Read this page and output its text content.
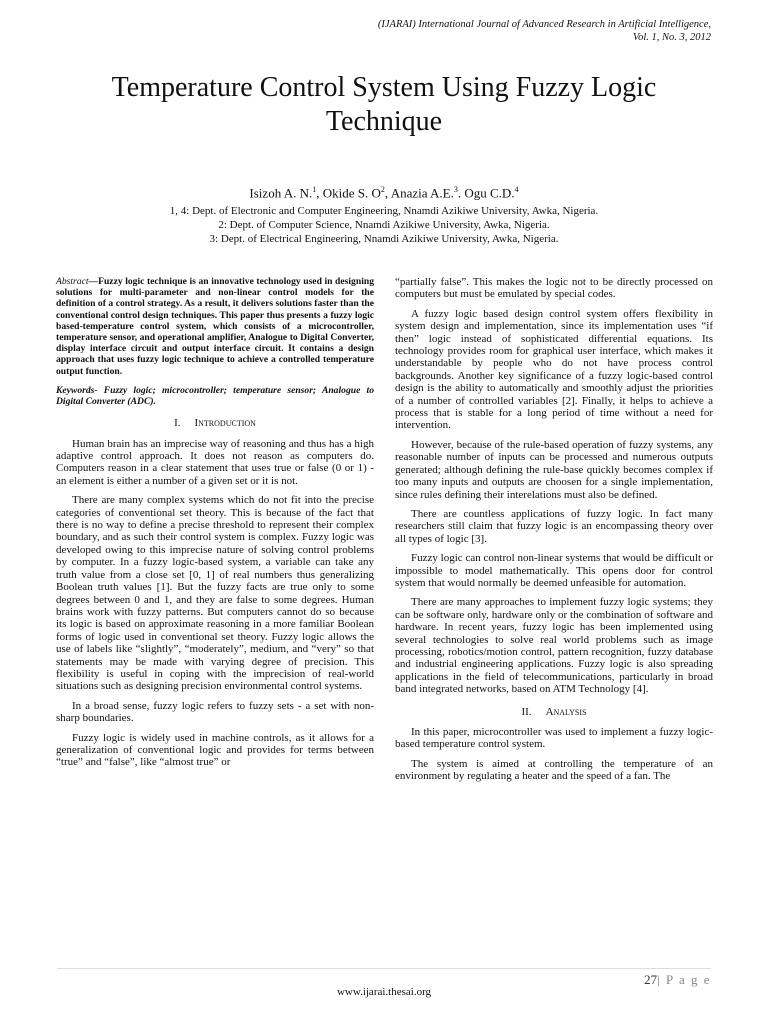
(IJARAI) International Journal of Advanced Research in Artificial Intelligence,
Vol. 1, No. 3, 2012
Temperature Control System Using Fuzzy Logic
Technique
Isizoh A. N.$^1$, Okide S. $O^2$, Anazia A.E.$^3$. Ogu C.D.$^4$
1, 4: Dept. of Electronic and Computer Engineering, Nnamdi Azikiwe University, Awka, Nigeria.
2: Dept. of Computer Science, Nnamdi Azikiwe University, Awka, Nigeria.
3: Dept. of Electrical Engineering, Nnamdi Azikiwe University, Awka, Nigeria.

Abstract—Fuzzy logic technique is an innovative technology used in designing solutions for multi-parameter and non-linear control models for the definition of a control strategy. As a result, it delivers solutions faster than the conventional control design techniques. This paper thus presents a fuzzy logic based-temperature control system, which consists of a microcontroller, temperature sensor, and operational amplifier, Analogue to Digital Converter, display interface circuit and output interface circuit. It contains a design approach that uses fuzzy logic technique to achieve a controlled temperature output function.

Keywords- Fuzzy logic; microcontroller; temperature sensor; Analogue to Digital Converter (ADC).

I. Introduction

Human brain has an imprecise way of reasoning and thus has a high adaptive control approach. It does not reason as computers do. Computers reason in a clear statement that uses true or false (0 or 1) - an element is either a number of a given set or it is not.

There are many complex systems which do not fit into the precise categories of conventional set theory. This is because of the fact that there is no way to define a precise threshold to represent their complex boundary, and as such their control system is complex. Fuzzy logic was developed owing to this imprecise nature of solving control problems by computer. In a fuzzy logic-based system, a variable can take any truth value from a close set [0, 1] of real numbers thus generalizing Boolean truth values [1]. But the fuzzy facts are true only to some degrees between 0 and 1, and they are false to some degrees. Human brains work with fuzzy patterns. But computers cannot do so because its logic is based on approximate reasoning in a more familiar Boolean forms of logic used in conventional set theory. Fuzzy logic allows the use of labels like “slightly”, “moderately”, medium, and “very” so that statements may be made with varying degree of precision. This flexibility is useful in coping with the imprecision of real-world situations such as designing precision environmental control systems.

In a broad sense, fuzzy logic refers to fuzzy sets - a set with non-sharp boundaries.

Fuzzy logic is widely used in machine controls, as it allows for a generalization of conventional logic and provides for terms between “true” and “false”, like “almost true” or

“partially false”. This makes the logic not to be directly processed on computers but must be emulated by special codes.

A fuzzy logic based design control system offers flexibility in system design and implementation, since its implementation uses “if then” logic instead of sophisticated differential equations. Its technology provides room for graphical user interface, which makes it understandable by people who do not have process control backgrounds. Another key significance of a fuzzy logic-based control design is the ability to automatically and smoothly adjust the priorities of a number of controlled variables [2]. Finally, it helps to achieve a process that is stable for a long period of time without a need for intervention.

However, because of the rule-based operation of fuzzy systems, any reasonable number of inputs can be processed and numerous outputs generated; although defining the rule-base quickly becomes complex if too many inputs and outputs are choosen for a single implementation, since rules defining their interelations must also be defined.

There are countless applications of fuzzy logic. In fact many researchers still claim that fuzzy logic is an encompassing theory over all types of logic [3].

Fuzzy logic can control non-linear systems that would be difficult or impossible to model mathematically. This opens door for control system that would normally be deemed unfeasible for automation.

There are many approaches to implement fuzzy logic systems; they can be software only, hardware only or the combination of software and hardware. In recent years, fuzzy logic has been implemented using several technologies to solve real world problems such as image processing, robotics/motion control, pattern recognition, fuzzy database and industrial engineering applications. Fuzzy logic is also spreading applications in the field of telecommunications, particularly in broad band integrated networks, based on ATM Technology [4].

II. Analysis

In this paper, microcontroller was used to implement a fuzzy logic-based temperature control system.

The system is aimed at controlling the temperature of an environment by regulating a heater and the speed of a fan. The

27| P a g e
www.ijarai.thesai.org
